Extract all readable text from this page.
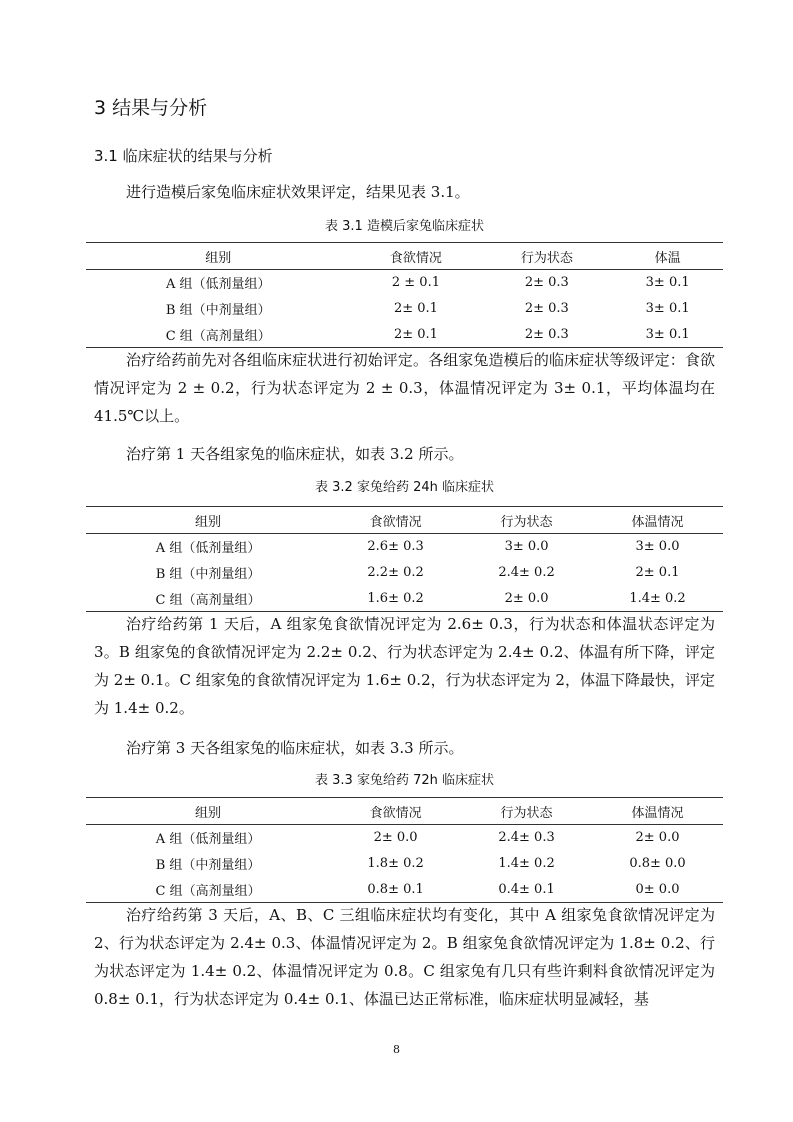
3 结果与分析
3.1 临床症状的结果与分析

进行造模后家兔临床症状效果评定，结果见表 3.1。

表 3.1 造模后家兔临床症状
组别	食欲情况	行为状态	体温
A 组（低剂量组）	2 ± 0.1	2± 0.3	3± 0.1
B 组（中剂量组）	2± 0.1	2± 0.3	3± 0.1
C 组（高剂量组）	2± 0.1	2± 0.3	3± 0.1

治疗给药前先对各组临床症状进行初始评定。各组家兔造模后的临床症状等级评定：食欲情况评定为 2 ± 0.2，行为状态评定为 2 ± 0.3，体温情况评定为 3± 0.1，平均体温均在 41.5℃以上。

治疗第 1 天各组家兔的临床症状，如表 3.2 所示。

表 3.2 家兔给药 24h 临床症状
组别	食欲情况	行为状态	体温情况
A 组（低剂量组）	2.6± 0.3	3± 0.0	3± 0.0
B 组（中剂量组）	2.2± 0.2	2.4± 0.2	2± 0.1
C 组（高剂量组）	1.6± 0.2	2± 0.0	1.4± 0.2

治疗给药第 1 天后，A 组家兔食欲情况评定为 2.6± 0.3，行为状态和体温状态评定为 3。B 组家兔的食欲情况评定为 2.2± 0.2、行为状态评定为 2.4± 0.2、体温有所下降，评定为 2± 0.1。C 组家兔的食欲情况评定为 1.6± 0.2，行为状态评定为 2，体温下降最快，评定为 1.4± 0.2。

治疗第 3 天各组家兔的临床症状，如表 3.3 所示。

表 3.3 家兔给药 72h 临床症状
组别	食欲情况	行为状态	体温情况
A 组（低剂量组）	2± 0.0	2.4± 0.3	2± 0.0
B 组（中剂量组）	1.8± 0.2	1.4± 0.2	0.8± 0.0
C 组（高剂量组）	0.8± 0.1	0.4± 0.1	0± 0.0

治疗给药第 3 天后，A、B、C 三组临床症状均有变化，其中 A 组家兔食欲情况评定为 2、行为状态评定为 2.4± 0.3、体温情况评定为 2。B 组家兔食欲情况评定为 1.8± 0.2、行为状态评定为 1.4± 0.2、体温情况评定为 0.8。C 组家兔有几只有些许剩料食欲情况评定为 0.8± 0.1，行为状态评定为 0.4± 0.1、体温已达正常标准，临床症状明显减轻，基

8
